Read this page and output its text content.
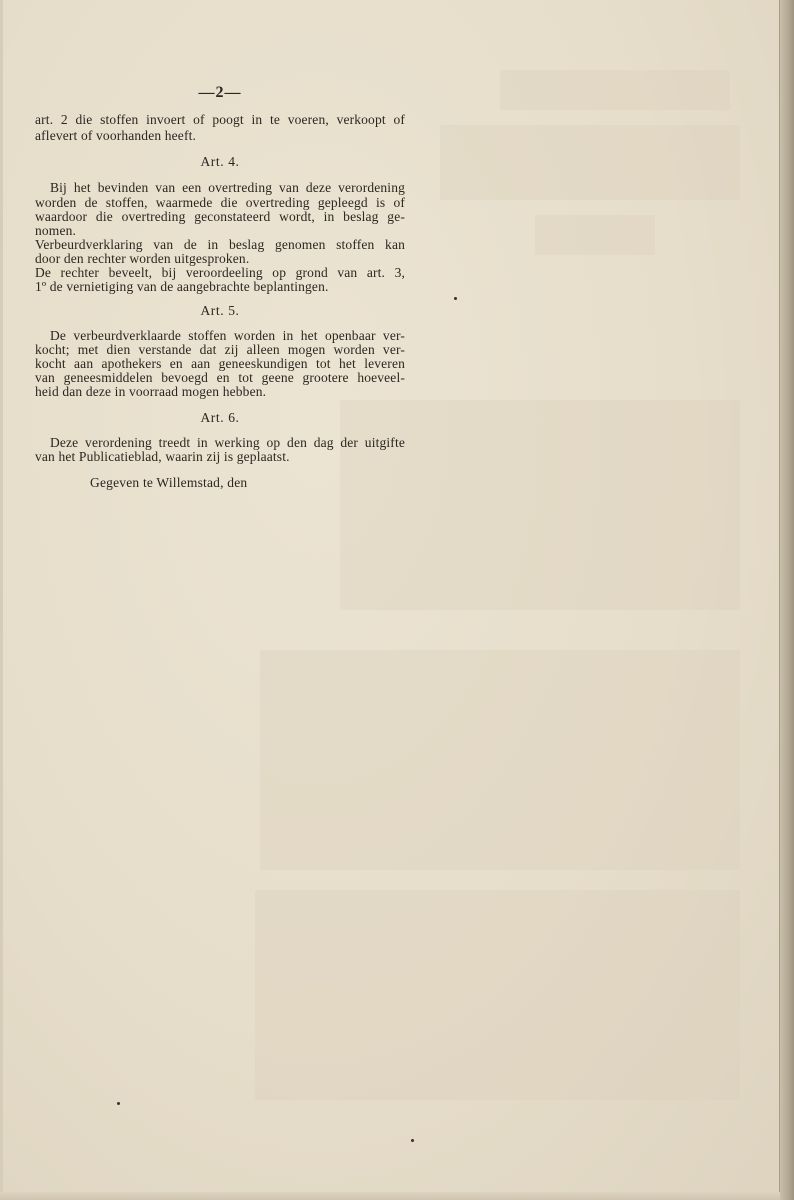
—2—
art. 2 die stoffen invoert of poogt in te voeren, verkoopt of
aflevert of voorhanden heeft.
Art. 4.
Bij het bevinden van een overtreding van deze verordening
worden de stoffen, waarmede die overtreding gepleegd is of
waardoor die overtreding geconstateerd wordt, in beslag ge-
nomen.
Verbeurdverklaring van de in beslag genomen stoffen kan
door den rechter worden uitgesproken.
De rechter beveelt, bij veroordeeling op grond van art. 3,
1º de vernietiging van de aangebrachte beplantingen.
Art. 5.
De verbeurdverklaarde stoffen worden in het openbaar ver-
kocht; met dien verstande dat zij alleen mogen worden ver-
kocht aan apothekers en aan geneeskundigen tot het leveren
van geneesmiddelen bevoegd en tot geene grootere hoeveel-
heid dan deze in voorraad mogen hebben.
Art. 6.
Deze verordening treedt in werking op den dag der uitgifte
van het Publicatieblad, waarin zij is geplaatst.
Gegeven te Willemstad, den
